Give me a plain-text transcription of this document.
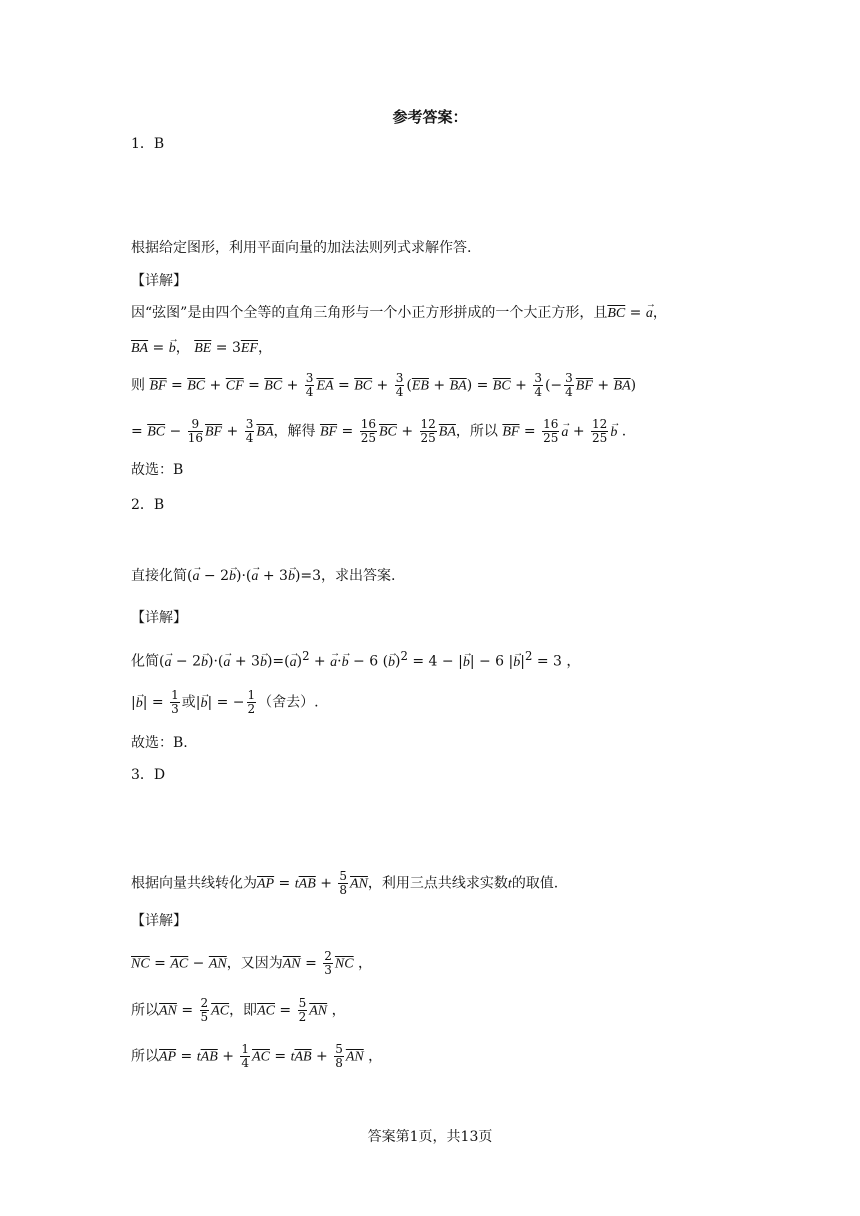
参考答案：
1．B
根据给定图形，利用平面向量的加法法则列式求解作答.
【详解】
因“弦图”是由四个全等的直角三角形与一个小正方形拼成的一个大正方形，且$\overline{BC}$ = → a，
$\overline{BA}$ = → b， $\overline{BE} = 3\overline{EF}$，
则 $\overline{BF} = \overline{BC} + \overline{CF} = \overline{BC} + \frac{3}{4} \overline{EA} = \overline{BC} + \frac{3}{4} (\overline{EB} + \overline{BA}) = \overline{BC} + \frac{3}{4}$ (− $\frac{3}{4} \overline{BF} + \overline{BA}$)
= $\overline{BC} - \frac{9}{16} \overline{BF} + \frac{3}{4} \overline{BA}$，解得 $\overline{BF} = \frac{16}{25} \overline{BC} + \frac{12}{25} \overline{BA}$，所以 $\overline{BF} = \frac{16}{25} \to a + \frac{12}{25} \to b$ .
故选：B
2．B
直接化简(→ a − 2→ b)·(→ a + 3→ b)=3，求出答案.
【详解】
化简(→ $a - 2\to b)\cdot(\to a + 3\to b)=(\to a)^2$ + → a·→ b − 6 (→ b)$^2$ = 4 − |→ b| − 6 |→ $b|^2 = 3$ ，
|→ $b| = \frac{1}{3}$ 或|→ b| = − $\frac{1}{2}$ （舍去）.
故选：B.
3．D
根据向量共线转化为$\overline{AP} = t\overline{AB} + \frac{5}{8} \overline{AN}$，利用三点共线求实数t的取值.
【详解】
$\overline{NC} = \overline{AC} - \overline{AN}$，又因为$\overline{AN} = \frac{2}{3} \overline{NC}$ ，
所以$\overline{AN} = \frac{2}{5} \overline{AC}$，即$\overline{AC} = \frac{5}{2} \overline{AN}$ ，
所以$\overline{AP} = t\overline{AB} + \frac{1}{4} \overline{AC} = t\overline{AB} + \frac{5}{8} \overline{AN}$ ，
答案第1页，共13页
